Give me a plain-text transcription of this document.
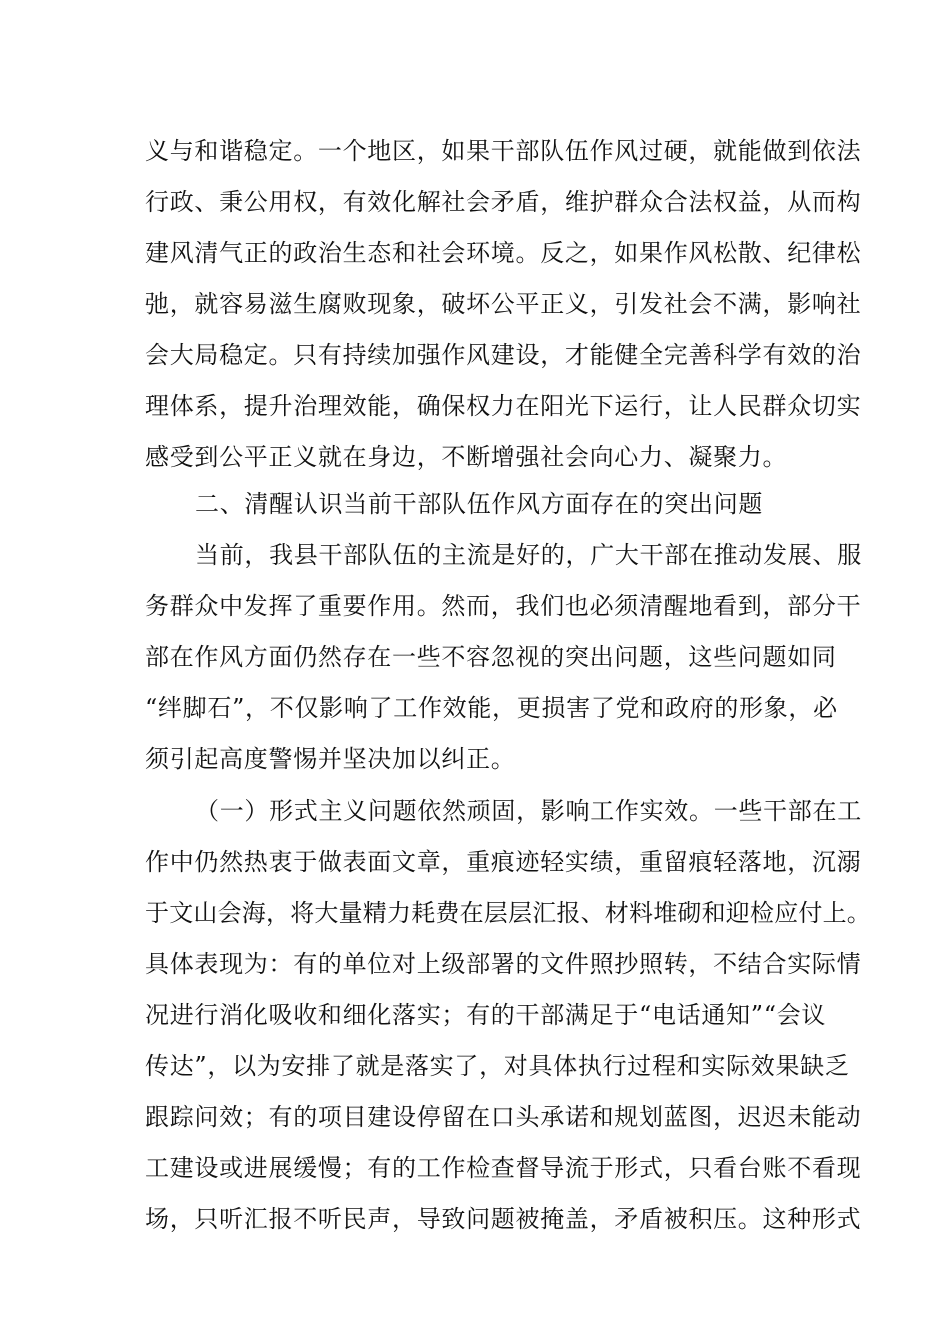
义与和谐稳定。一个地区，如果干部队伍作风过硬，就能做到依法
行政、秉公用权，有效化解社会矛盾，维护群众合法权益，从而构
建风清气正的政治生态和社会环境。反之，如果作风松散、纪律松
弛，就容易滋生腐败现象，破坏公平正义，引发社会不满，影响社
会大局稳定。只有持续加强作风建设，才能健全完善科学有效的治
理体系，提升治理效能，确保权力在阳光下运行，让人民群众切实
感受到公平正义就在身边，不断增强社会向心力、凝聚力。
二、清醒认识当前干部队伍作风方面存在的突出问题
当前，我县干部队伍的主流是好的，广大干部在推动发展、服
务群众中发挥了重要作用。然而，我们也必须清醒地看到，部分干
部在作风方面仍然存在一些不容忽视的突出问题，这些问题如同
“绊脚石”，不仅影响了工作效能，更损害了党和政府的形象，必
须引起高度警惕并坚决加以纠正。
（一）形式主义问题依然顽固，影响工作实效。一些干部在工
作中仍然热衷于做表面文章，重痕迹轻实绩，重留痕轻落地，沉溺
于文山会海，将大量精力耗费在层层汇报、材料堆砌和迎检应付上。
具体表现为：有的单位对上级部署的文件照抄照转，不结合实际情
况进行消化吸收和细化落实；有的干部满足于“电话通知”“会议
传达”，以为安排了就是落实了，对具体执行过程和实际效果缺乏
跟踪问效；有的项目建设停留在口头承诺和规划蓝图，迟迟未能动
工建设或进展缓慢；有的工作检查督导流于形式，只看台账不看现
场，只听汇报不听民声，导致问题被掩盖，矛盾被积压。这种形式
